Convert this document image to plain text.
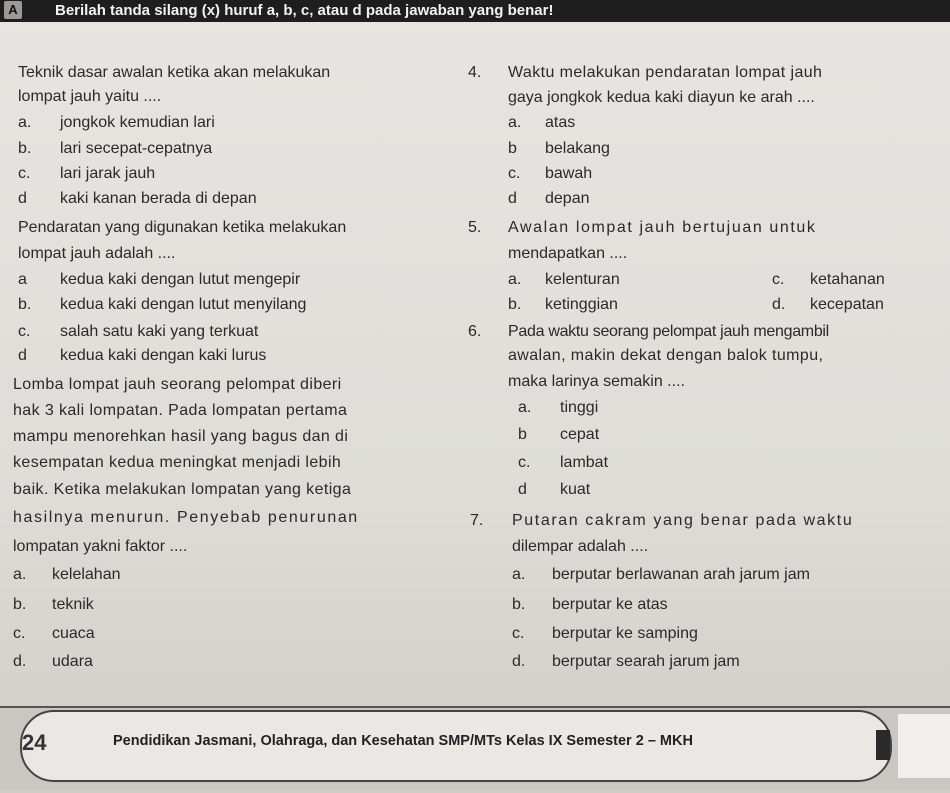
A Berilah tanda silang (x) huruf a, b, c, atau d pada jawaban yang benar!
Teknik dasar awalan ketika akan melakukan
lompat jauh yaitu ....
a. jongkok kemudian lari
b. lari secepat-cepatnya
c. lari jarak jauh
d kaki kanan berada di depan
Pendaratan yang digunakan ketika melakukan
lompat jauh adalah ....
a kedua kaki dengan lutut mengepir
b. kedua kaki dengan lutut menyilang
c. salah satu kaki yang terkuat
d kedua kaki dengan kaki lurus
Lomba lompat jauh seorang pelompat diberi
hak 3 kali lompatan. Pada lompatan pertama
mampu menorehkan hasil yang bagus dan di
kesempatan kedua meningkat menjadi lebih
baik. Ketika melakukan lompatan yang ketiga
hasilnya menurun. Penyebab penurunan
lompatan yakni faktor ....
a. kelelahan
b. teknik
c. cuaca
d. udara
4. Waktu melakukan pendaratan lompat jauh
gaya jongkok kedua kaki diayun ke arah ....
a. atas
b belakang
c. bawah
d depan
5. Awalan lompat jauh bertujuan untuk
mendapatkan ....
a. kelenturan
b. ketinggian
c. ketahanan
d. kecepatan
6. Pada waktu seorang pelompat jauh mengambil
awalan, makin dekat dengan balok tumpu,
maka larinya semakin ....
a. tinggi
b cepat
c. lambat
d kuat
7. Putaran cakram yang benar pada waktu
dilempar adalah ....
a. berputar berlawanan arah jarum jam
b. berputar ke atas
c. berputar ke samping
d. berputar searah jarum jam
24	Pendidikan Jasmani, Olahraga, dan Kesehatan SMP/MTs Kelas IX Semester 2 – MKH
